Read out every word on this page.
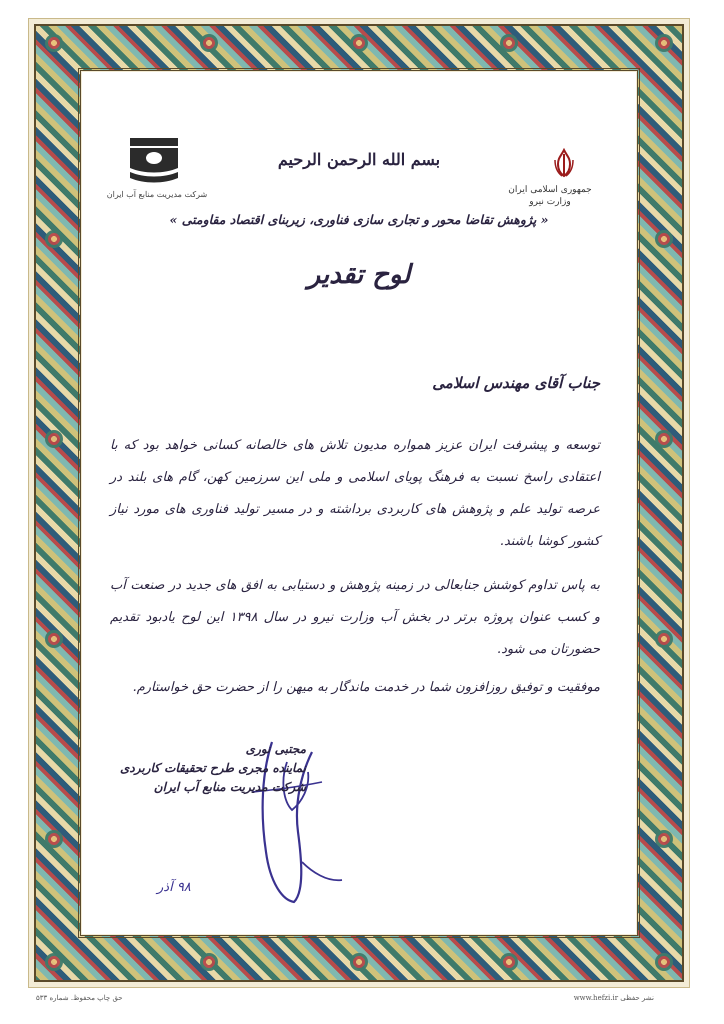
جمهوری اسلامی ایران
وزارت نیرو
شرکت مدیریت منابع آب ایران
بسم الله الرحمن الرحيم
« پژوهش تقاضا محور و تجاری سازی فناوری، زیربنای اقتصاد مقاومتی »
لوح تقدیر
جناب آقای مهندس اسلامی
توسعه و پیشرفت ایران عزیز همواره مدیون تلاش های خالصانه کسانی خواهد بود که با اعتقادی راسخ نسبت به فرهنگ پویای اسلامی و ملی این سرزمین کهن، گام های بلند در عرصه تولید علم و پژوهش های کاربردی برداشته و در مسیر تولید فناوری های مورد نیاز کشور کوشا باشند.
به پاس تداوم کوشش جنابعالی در زمینه پژوهش و دستیابی به افق های جدید در صنعت آب و کسب عنوان پروژه برتر در بخش آب وزارت نیرو در سال ۱۳۹۸ این لوح یادبود تقدیم حضورتان می شود.
موفقیت و توفیق روزافزون شما در خدمت ماندگار به میهن را از حضرت حق خواستارم.
مجتبی نوری
نماینده مجری طرح تحقیقات کاربردی
شرکت مدیریت منابع آب ایران
۹۸ آذر
حق چاپ محفوظ. شماره ۵۳۳	www.hefzi.ir نشر حفظی
